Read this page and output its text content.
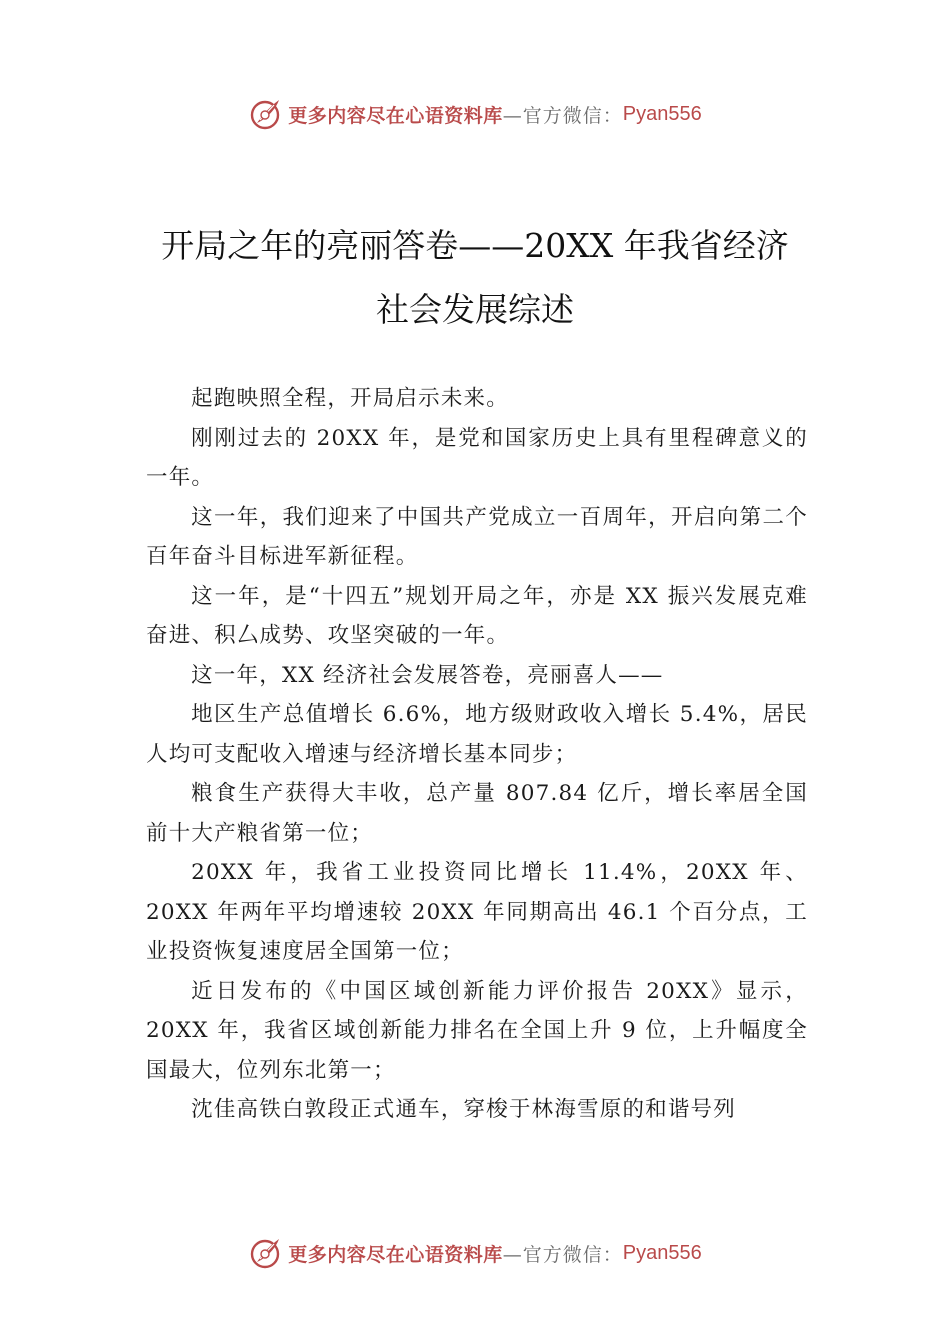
更多内容尽在心语资料库 —官方微信： Pyan556
开局之年的亮丽答卷——20XX 年我省经济
社会发展综述

起跑映照全程，开局启示未来。

刚刚过去的 20XX 年，是党和国家历史上具有里程碑意义的一年。

这一年，我们迎来了中国共产党成立一百周年，开启向第二个百年奋斗目标进军新征程。

这一年，是“十四五”规划开局之年，亦是 XX 振兴发展克难奋进、积厶成势、攻坚突破的一年。

这一年，XX 经济社会发展答卷，亮丽喜人——

地区生产总值增长 6.6%，地方级财政收入增长 5.4%，居民人均可支配收入增速与经济增长基本同步；

粮食生产获得大丰收，总产量 807.84 亿斤，增长率居全国前十大产粮省第一位；

20XX 年，我省工业投资同比增长 11.4%，20XX 年、20XX 年两年平均增速较 20XX 年同期高出 46.1 个百分点，工业投资恢复速度居全国第一位；

近日发布的《中国区域创新能力评价报告 20XX》显示，20XX 年，我省区域创新能力排名在全国上升 9 位，上升幅度全国最大，位列东北第一；

沈佳高铁白敦段正式通车，穿梭于林海雪原的和谐号列

更多内容尽在心语资料库 —官方微信： Pyan556
